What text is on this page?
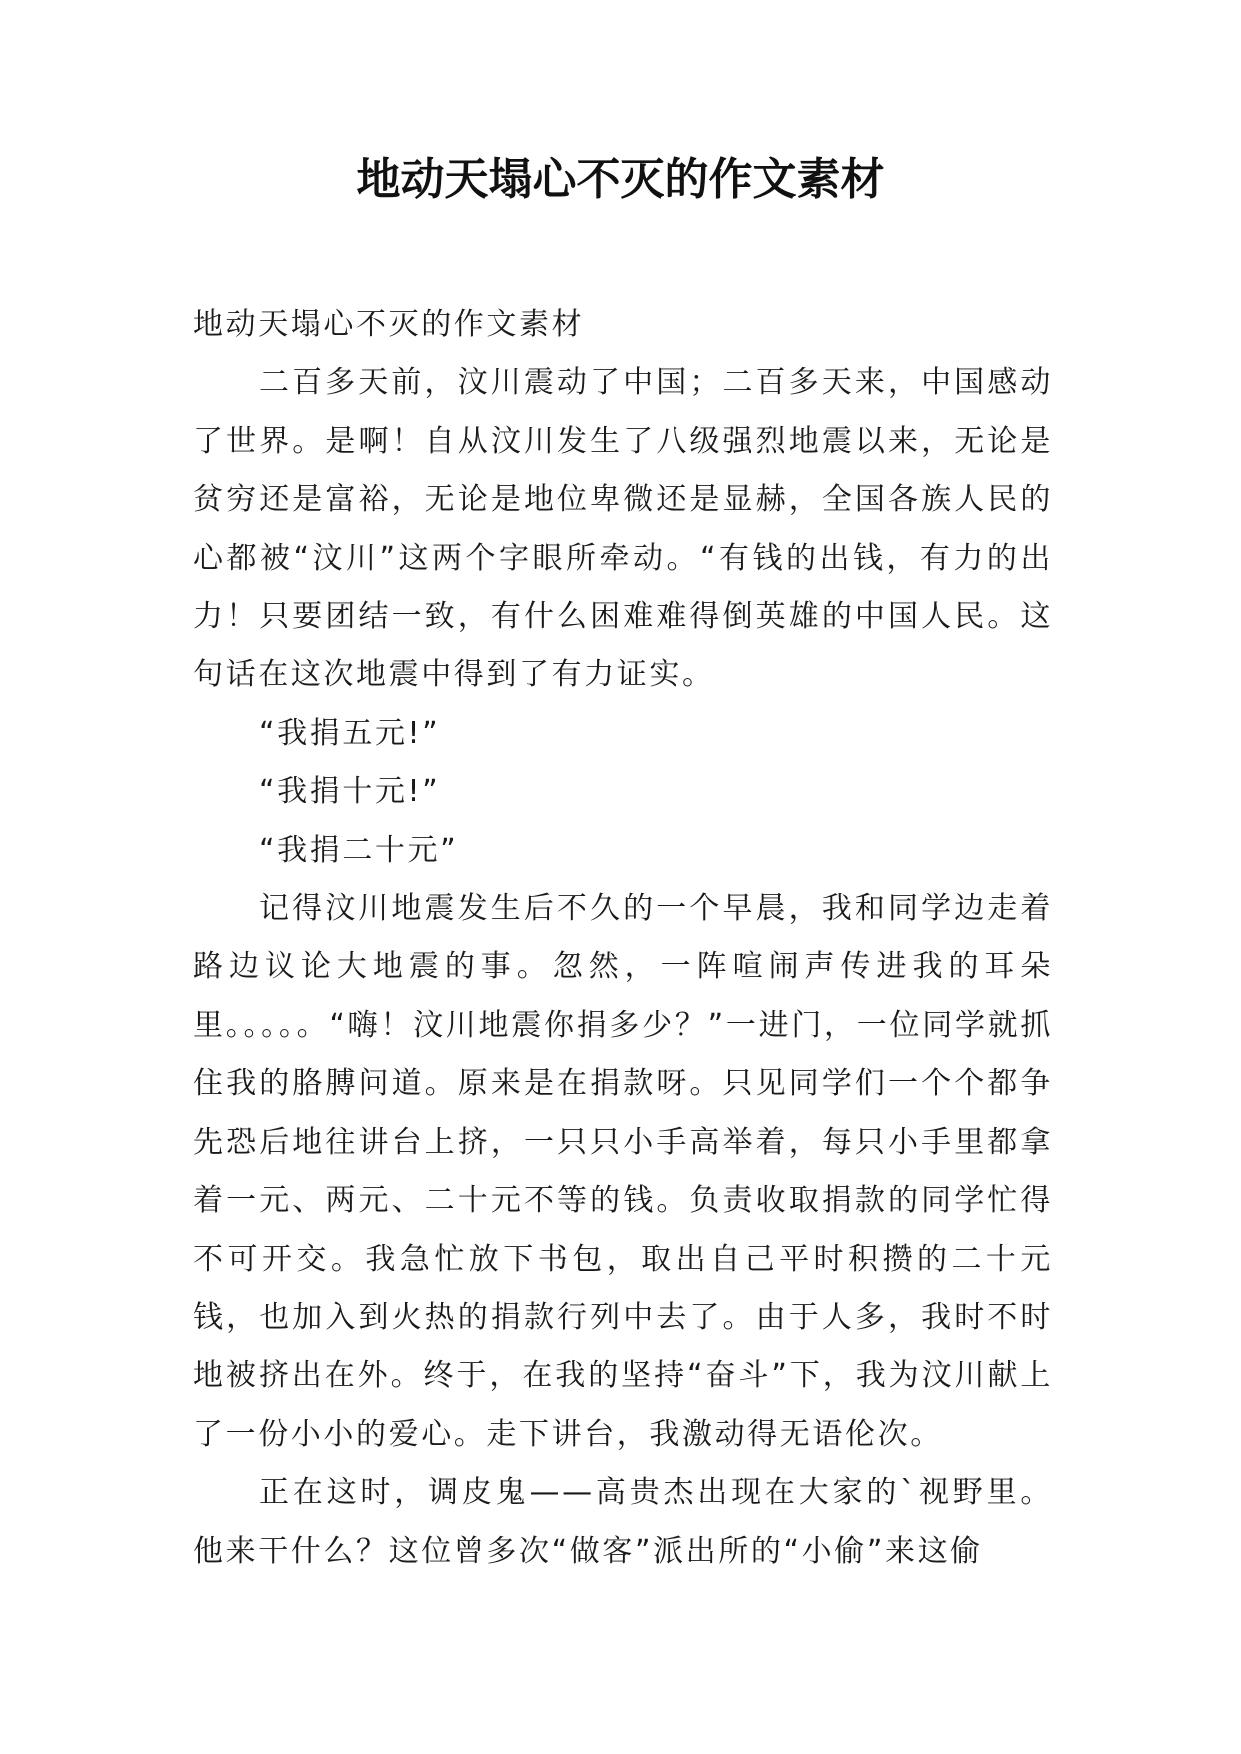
地动天塌心不灭的作文素材

地动天塌心不灭的作文素材

二百多天前，汶川震动了中国；二百多天来，中国感动了世界。是啊！自从汶川发生了八级强烈地震以来，无论是贫穷还是富裕，无论是地位卑微还是显赫，全国各族人民的心都被“汶川”这两个字眼所牵动。“有钱的出钱，有力的出力！只要团结一致，有什么困难难得倒英雄的中国人民。这句话在这次地震中得到了有力证实。

“我捐五元!”

“我捐十元!”

“我捐二十元”

记得汶川地震发生后不久的一个早晨，我和同学边走着路边议论大地震的事。忽然，一阵喧闹声传进我的耳朵里。。。。。“嗨！汶川地震你捐多少？”一进门，一位同学就抓住我的胳膊问道。原来是在捐款呀。只见同学们一个个都争先恐后地往讲台上挤，一只只小手高举着，每只小手里都拿着一元、两元、二十元不等的钱。负责收取捐款的同学忙得不可开交。我急忙放下书包，取出自己平时积攒的二十元钱，也加入到火热的捐款行列中去了。由于人多，我时不时地被挤出在外。终于，在我的坚持“奋斗”下，我为汶川献上了一份小小的爱心。走下讲台，我激动得无语伦次。

正在这时，调皮鬼——高贵杰出现在大家的`视野里。他来干什么？这位曾多次“做客”派出所的“小偷”来这偷
